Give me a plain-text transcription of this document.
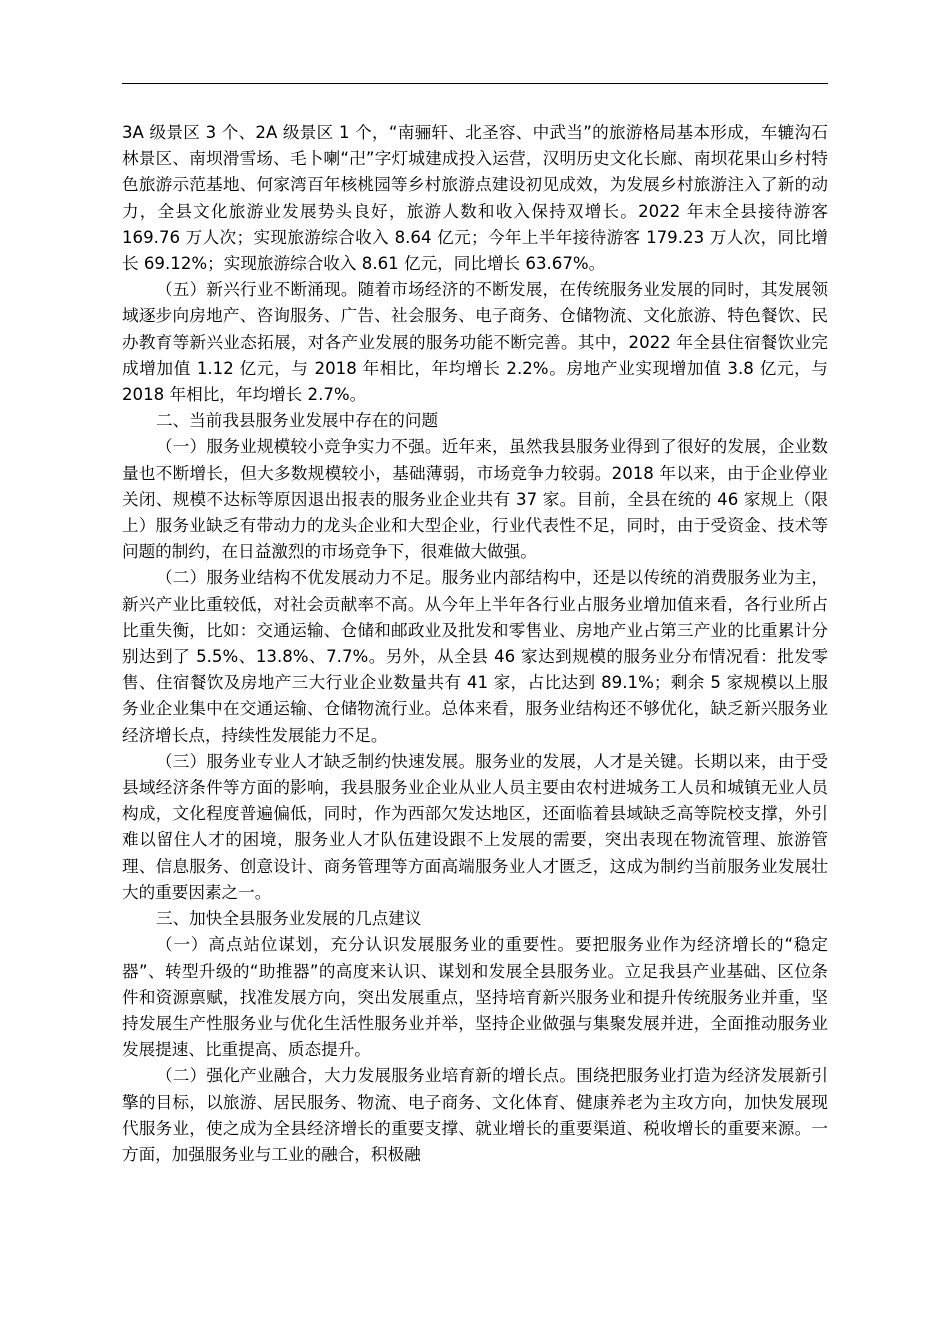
3A 级景区 3 个、2A 级景区 1 个，“南骊轩、北圣容、中武当”的旅游格局基本形成，车辘沟石林景区、南坝滑雪场、毛卜喇“卍”字灯城建成投入运营，汉明历史文化长廊、南坝花果山乡村特色旅游示范基地、何家湾百年核桃园等乡村旅游点建设初见成效，为发展乡村旅游注入了新的动力，全县文化旅游业发展势头良好，旅游人数和收入保持双增长。2022 年末全县接待游客 169.76 万人次；实现旅游综合收入 8.64 亿元；今年上半年接待游客 179.23 万人次，同比增长 69.12%；实现旅游综合收入 8.61 亿元，同比增长 63.67%。

（五）新兴行业不断涌现。随着市场经济的不断发展，在传统服务业发展的同时，其发展领域逐步向房地产、咨询服务、广告、社会服务、电子商务、仓储物流、文化旅游、特色餐饮、民办教育等新兴业态拓展，对各产业发展的服务功能不断完善。其中，2022 年全县住宿餐饮业完成增加值 1.12 亿元，与 2018 年相比，年均增长 2.2%。房地产业实现增加值 3.8 亿元，与 2018 年相比，年均增长 2.7%。

二、当前我县服务业发展中存在的问题

（一）服务业规模较小竞争实力不强。近年来，虽然我县服务业得到了很好的发展，企业数量也不断增长，但大多数规模较小，基础薄弱，市场竞争力较弱。2018 年以来，由于企业停业关闭、规模不达标等原因退出报表的服务业企业共有 37 家。目前，全县在统的 46 家规上（限上）服务业缺乏有带动力的龙头企业和大型企业，行业代表性不足，同时，由于受资金、技术等问题的制约，在日益激烈的市场竞争下，很难做大做强。

（二）服务业结构不优发展动力不足。服务业内部结构中，还是以传统的消费服务业为主，新兴产业比重较低，对社会贡献率不高。从今年上半年各行业占服务业增加值来看，各行业所占比重失衡，比如：交通运输、仓储和邮政业及批发和零售业、房地产业占第三产业的比重累计分别达到了 5.5%、13.8%、7.7%。另外，从全县 46 家达到规模的服务业分布情况看：批发零售、住宿餐饮及房地产三大行业企业数量共有 41 家，占比达到 89.1%；剩余 5 家规模以上服务业企业集中在交通运输、仓储物流行业。总体来看，服务业结构还不够优化，缺乏新兴服务业经济增长点，持续性发展能力不足。

（三）服务业专业人才缺乏制约快速发展。服务业的发展，人才是关键。长期以来，由于受县域经济条件等方面的影响，我县服务业企业从业人员主要由农村进城务工人员和城镇无业人员构成，文化程度普遍偏低，同时，作为西部欠发达地区，还面临着县域缺乏高等院校支撑，外引难以留住人才的困境，服务业人才队伍建设跟不上发展的需要，突出表现在物流管理、旅游管理、信息服务、创意设计、商务管理等方面高端服务业人才匮乏，这成为制约当前服务业发展壮大的重要因素之一。

三、加快全县服务业发展的几点建议

（一）高点站位谋划，充分认识发展服务业的重要性。要把服务业作为经济增长的“稳定器”、转型升级的“助推器”的高度来认识、谋划和发展全县服务业。立足我县产业基础、区位条件和资源禀赋，找准发展方向，突出发展重点，坚持培育新兴服务业和提升传统服务业并重，坚持发展生产性服务业与优化生活性服务业并举，坚持企业做强与集聚发展并进，全面推动服务业发展提速、比重提高、质态提升。

（二）强化产业融合，大力发展服务业培育新的增长点。围绕把服务业打造为经济发展新引擎的目标，以旅游、居民服务、物流、电子商务、文化体育、健康养老为主攻方向，加快发展现代服务业，使之成为全县经济增长的重要支撑、就业增长的重要渠道、税收增长的重要来源。一方面，加强服务业与工业的融合，积极融
